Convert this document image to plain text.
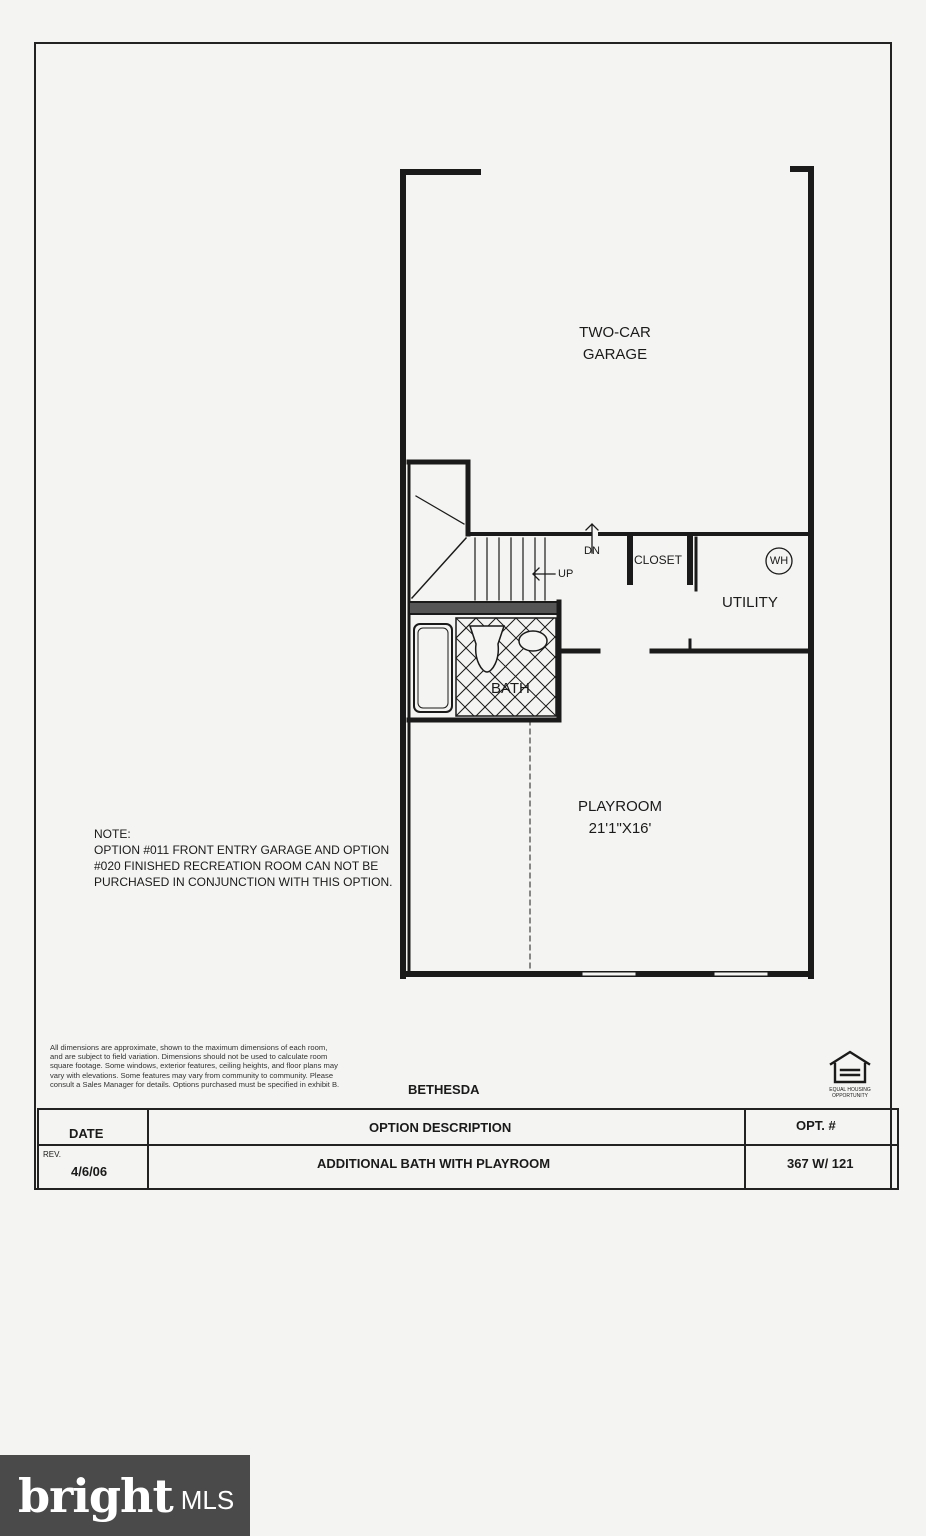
TWO-CAR
GARAGE
CLOSET
UTILITY
WH
BATH
DN
UP
PLAYROOM
21'1"X16'
NOTE:
OPTION #011 FRONT ENTRY GARAGE AND OPTION
#020 FINISHED RECREATION ROOM CAN NOT BE
PURCHASED IN CONJUNCTION WITH THIS OPTION.
All dimensions are approximate, shown to the maximum dimensions of each room, and are subject to field variation. Dimensions should not be used to calculate room square footage. Some windows, exterior features, ceiling heights, and floor plans may vary with elevations. Some features may vary from community to community. Please consult a Sales Manager for details. Options purchased must be specified in exhibit B.	BETHESDA	EQUAL HOUSING OPPORTUNITY
DATE
REV.
4/6/06
OPTION DESCRIPTION
ADDITIONAL BATH WITH PLAYROOM
OPT. #
367 W/ 121
bright MLS
